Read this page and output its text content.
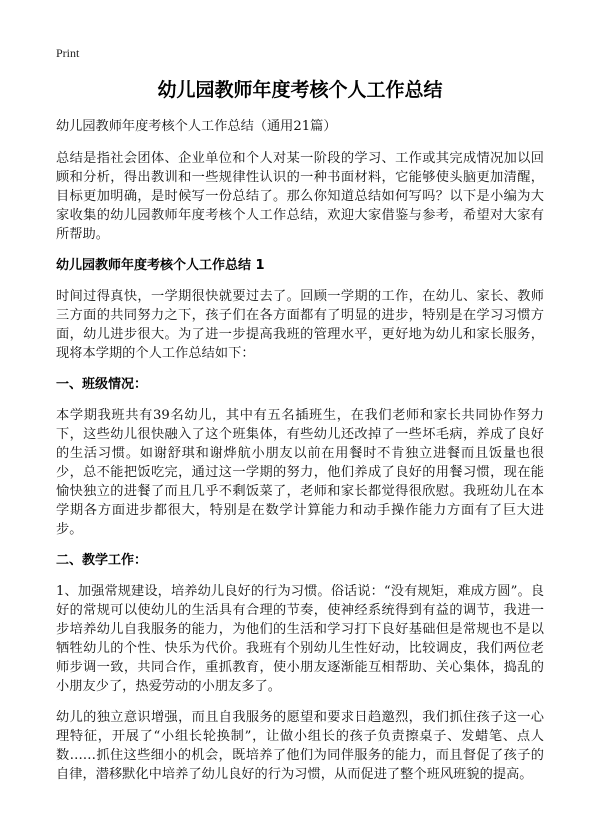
Print
幼儿园教师年度考核个人工作总结
幼儿园教师年度考核个人工作总结（通用21篇）

总结是指社会团体、企业单位和个人对某一阶段的学习、工作或其完成情况加以回顾和分析，得出教训和一些规律性认识的一种书面材料，它能够使头脑更加清醒，目标更加明确，是时候写一份总结了。那么你知道总结如何写吗？以下是小编为大家收集的幼儿园教师年度考核个人工作总结，欢迎大家借鉴与参考，希望对大家有所帮助。

幼儿园教师年度考核个人工作总结 1

时间过得真快，一学期很快就要过去了。回顾一学期的工作，在幼儿、家长、教师三方面的共同努力之下，孩子们在各方面都有了明显的进步，特别是在学习习惯方面，幼儿进步很大。为了进一步提高我班的管理水平，更好地为幼儿和家长服务，现将本学期的个人工作总结如下：

一、班级情况：

本学期我班共有39名幼儿，其中有五名插班生，在我们老师和家长共同协作努力下，这些幼儿很快融入了这个班集体，有些幼儿还改掉了一些坏毛病，养成了良好的生活习惯。如谢舒琪和谢烨航小朋友以前在用餐时不肯独立进餐而且饭量也很少，总不能把饭吃完，通过这一学期的努力，他们养成了良好的用餐习惯，现在能愉快独立的进餐了而且几乎不剩饭菜了，老师和家长都觉得很欣慰。我班幼儿在本学期各方面进步都很大，特别是在数学计算能力和动手操作能力方面有了巨大进步。

二、教学工作：

1、加强常规建设，培养幼儿良好的行为习惯。俗话说：“没有规矩，难成方圆”。良好的常规可以使幼儿的生活具有合理的节奏，使神经系统得到有益的调节，我进一步培养幼儿自我服务的能力，为他们的生活和学习打下良好基础但是常规也不是以牺牲幼儿的个性、快乐为代价。我班有个别幼儿生性好动，比较调皮，我们两位老师步调一致，共同合作，重抓教育，使小朋友逐渐能互相帮助、关心集体，捣乱的小朋友少了，热爱劳动的小朋友多了。

幼儿的独立意识增强，而且自我服务的愿望和要求日趋邀烈，我们抓住孩子这一心理特征，开展了“小组长轮换制”，让做小组长的孩子负责擦桌子、发蜡笔、点人数……抓住这些细小的机会，既培养了他们为同伴服务的能力，而且督促了孩子的自律，潜移默化中培养了幼儿良好的行为习惯，从而促进了整个班风班貌的提高。
